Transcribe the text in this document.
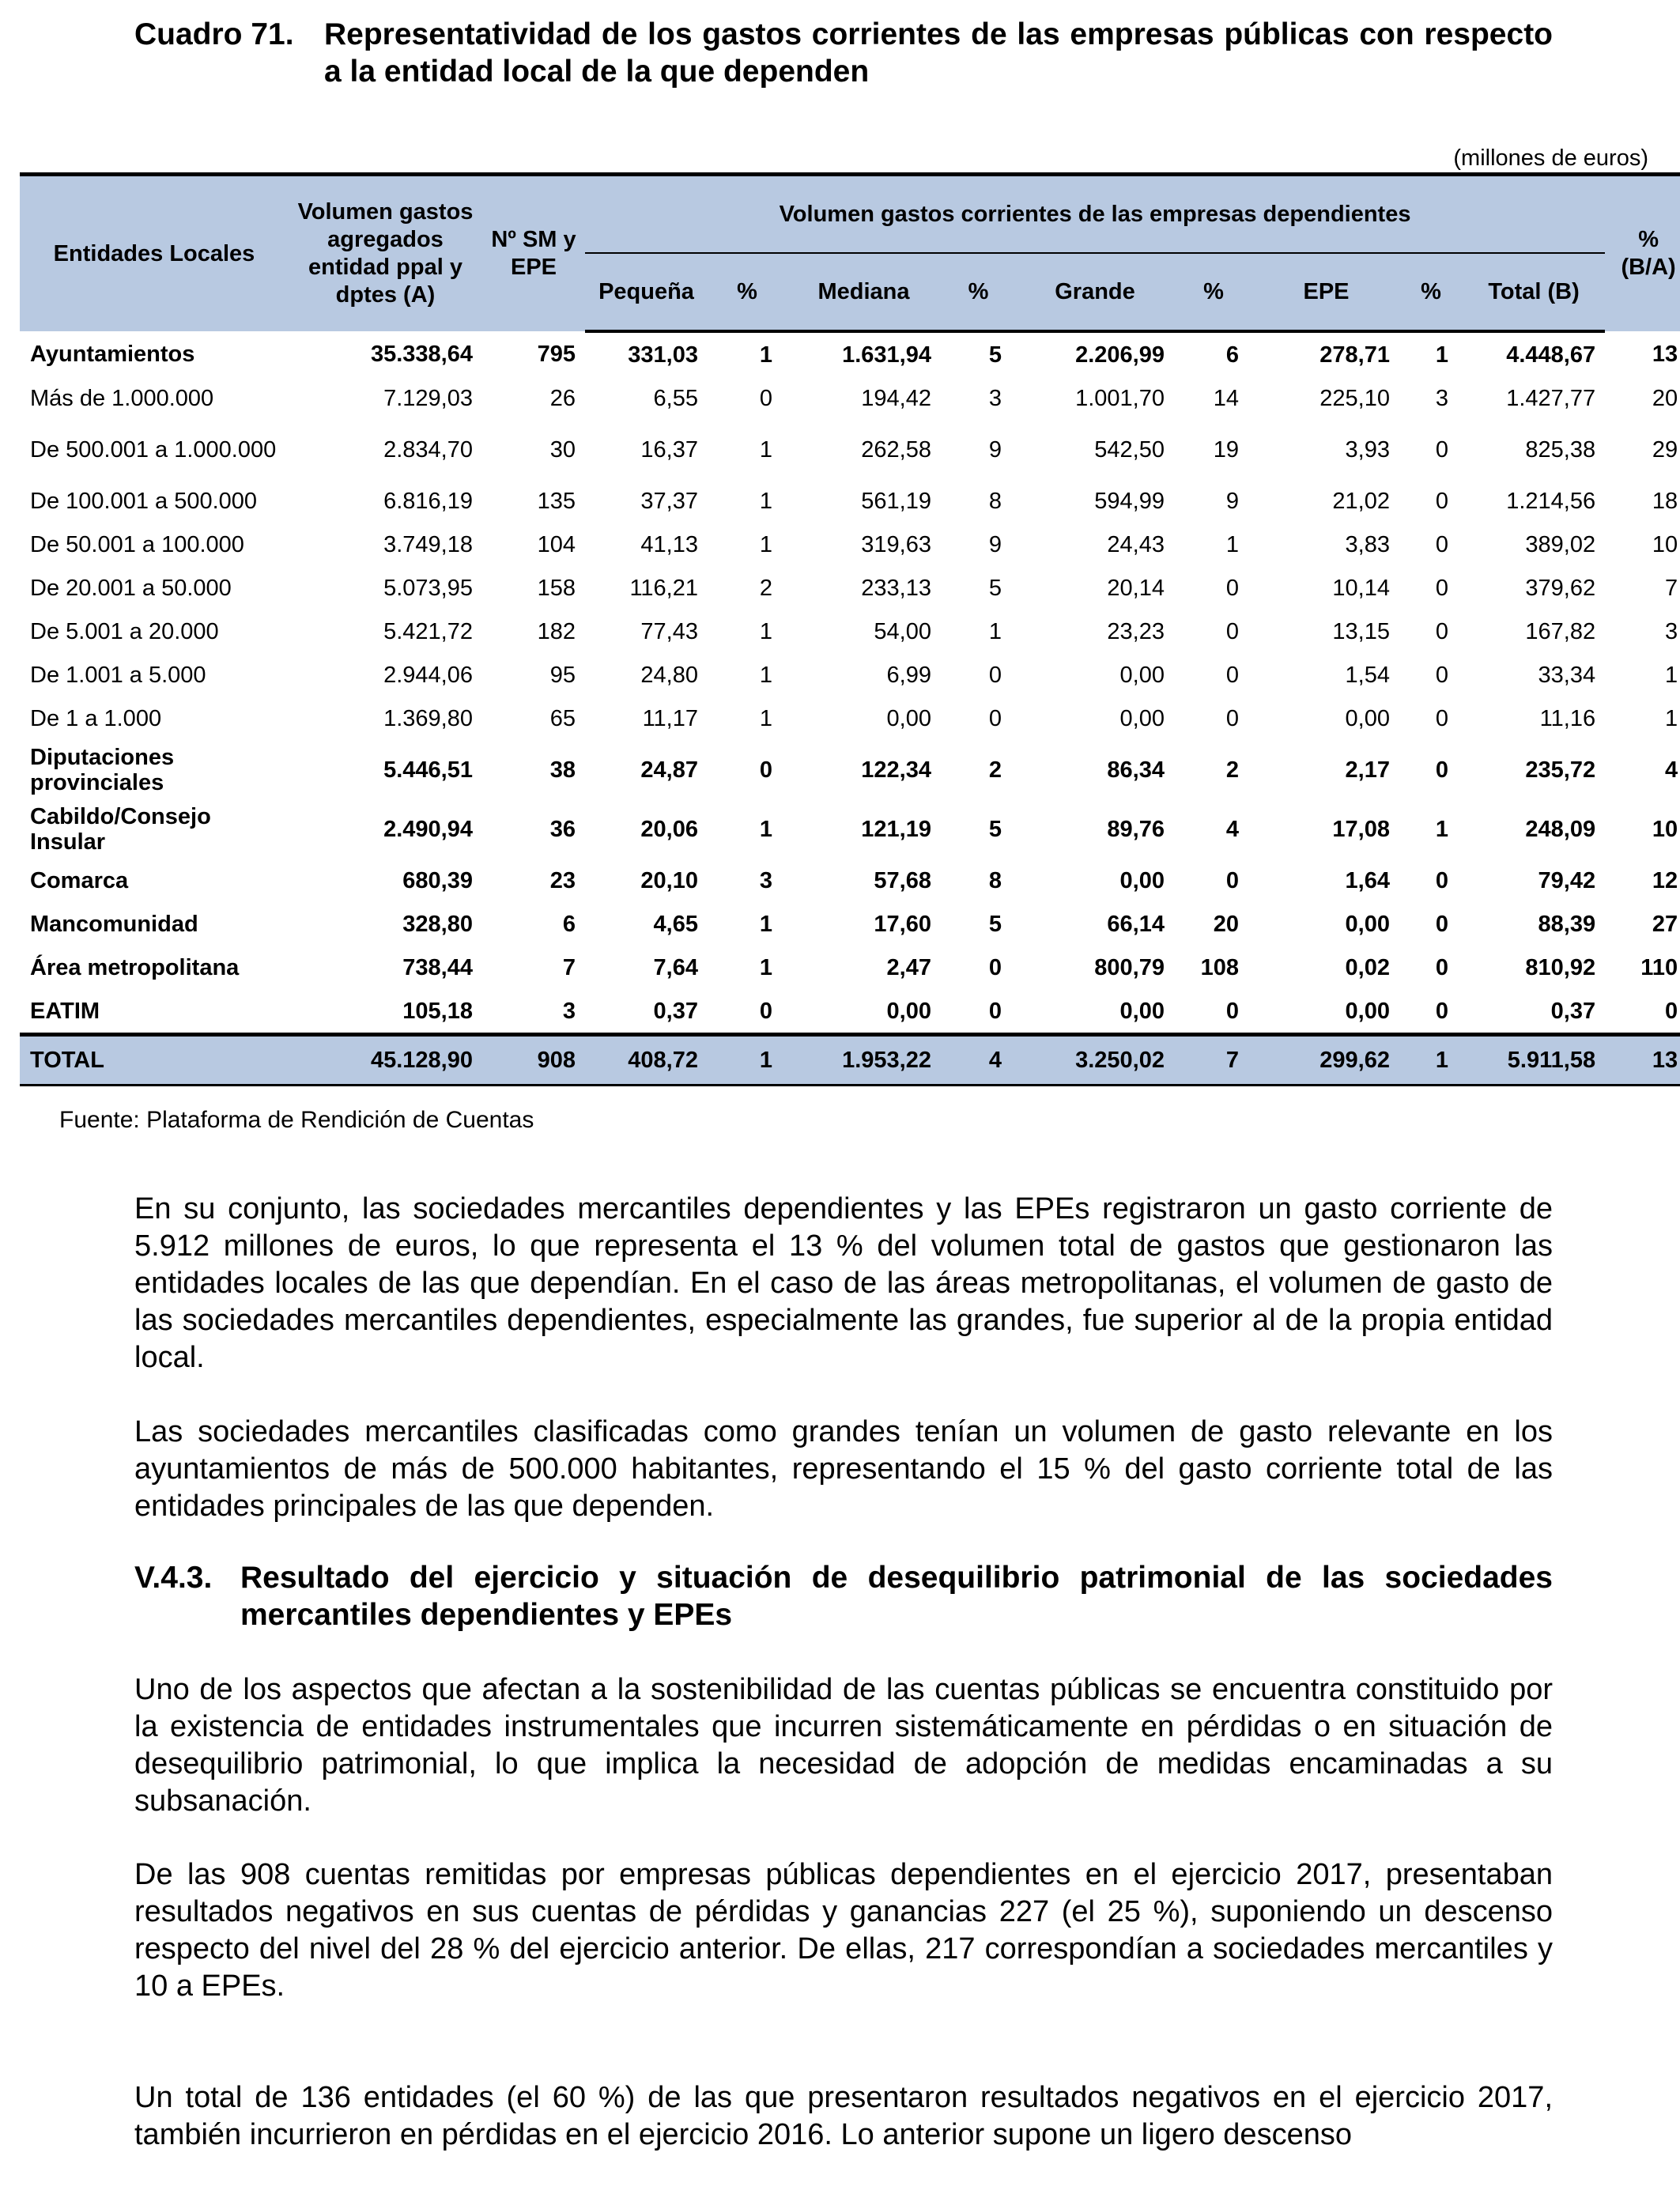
Cuadro 71. Representatividad de los gastos corrientes de las empresas públicas con respecto a la entidad local de la que dependen
(millones de euros)
Entidades Locales	Volumen gastos agregados entidad ppal y dptes (A)	Nº SM y EPE	Volumen gastos corrientes de las empresas dependientes									% (B/A)
			Pequeña	%	Mediana	%	Grande	%	EPE	%	Total (B)	
Ayuntamientos	35.338,64	795	331,03	1	1.631,94	5	2.206,99	6	278,71	1	4.448,67	13
Más de 1.000.000	7.129,03	26	6,55	0	194,42	3	1.001,70	14	225,10	3	1.427,77	20
De 500.001 a 1.000.000	2.834,70	30	16,37	1	262,58	9	542,50	19	3,93	0	825,38	29
De 100.001 a 500.000	6.816,19	135	37,37	1	561,19	8	594,99	9	21,02	0	1.214,56	18
De 50.001 a 100.000	3.749,18	104	41,13	1	319,63	9	24,43	1	3,83	0	389,02	10
De 20.001 a 50.000	5.073,95	158	116,21	2	233,13	5	20,14	0	10,14	0	379,62	7
De 5.001 a 20.000	5.421,72	182	77,43	1	54,00	1	23,23	0	13,15	0	167,82	3
De 1.001 a 5.000	2.944,06	95	24,80	1	6,99	0	0,00	0	1,54	0	33,34	1
De 1 a 1.000	1.369,80	65	11,17	1	0,00	0	0,00	0	0,00	0	11,16	1
Diputaciones provinciales	5.446,51	38	24,87	0	122,34	2	86,34	2	2,17	0	235,72	4
Cabildo/Consejo Insular	2.490,94	36	20,06	1	121,19	5	89,76	4	17,08	1	248,09	10
Comarca	680,39	23	20,10	3	57,68	8	0,00	0	1,64	0	79,42	12
Mancomunidad	328,80	6	4,65	1	17,60	5	66,14	20	0,00	0	88,39	27
Área metropolitana	738,44	7	7,64	1	2,47	0	800,79	108	0,02	0	810,92	110
EATIM	105,18	3	0,37	0	0,00	0	0,00	0	0,00	0	0,37	0
TOTAL	45.128,90	908	408,72	1	1.953,22	4	3.250,02	7	299,62	1	5.911,58	13
Fuente: Plataforma de Rendición de Cuentas

En su conjunto, las sociedades mercantiles dependientes y las EPEs registraron un gasto corriente de 5.912 millones de euros, lo que representa el 13 % del volumen total de gastos que gestionaron las entidades locales de las que dependían. En el caso de las áreas metropolitanas, el volumen de gasto de las sociedades mercantiles dependientes, especialmente las grandes, fue superior al de la propia entidad local.

Las sociedades mercantiles clasificadas como grandes tenían un volumen de gasto relevante en los ayuntamientos de más de 500.000 habitantes, representando el 15 % del gasto corriente total de las entidades principales de las que dependen.

V.4.3. Resultado del ejercicio y situación de desequilibrio patrimonial de las sociedades mercantiles dependientes y EPEs

Uno de los aspectos que afectan a la sostenibilidad de las cuentas públicas se encuentra constituido por la existencia de entidades instrumentales que incurren sistemáticamente en pérdidas o en situación de desequilibrio patrimonial, lo que implica la necesidad de adopción de medidas encaminadas a su subsanación.

De las 908 cuentas remitidas por empresas públicas dependientes en el ejercicio 2017, presentaban resultados negativos en sus cuentas de pérdidas y ganancias 227 (el 25 %), suponiendo un descenso respecto del nivel del 28 % del ejercicio anterior. De ellas, 217 correspondían a sociedades mercantiles y 10 a EPEs.

Un total de 136 entidades (el 60 %) de las que presentaron resultados negativos en el ejercicio 2017, también incurrieron en pérdidas en el ejercicio 2016. Lo anterior supone un ligero descenso
